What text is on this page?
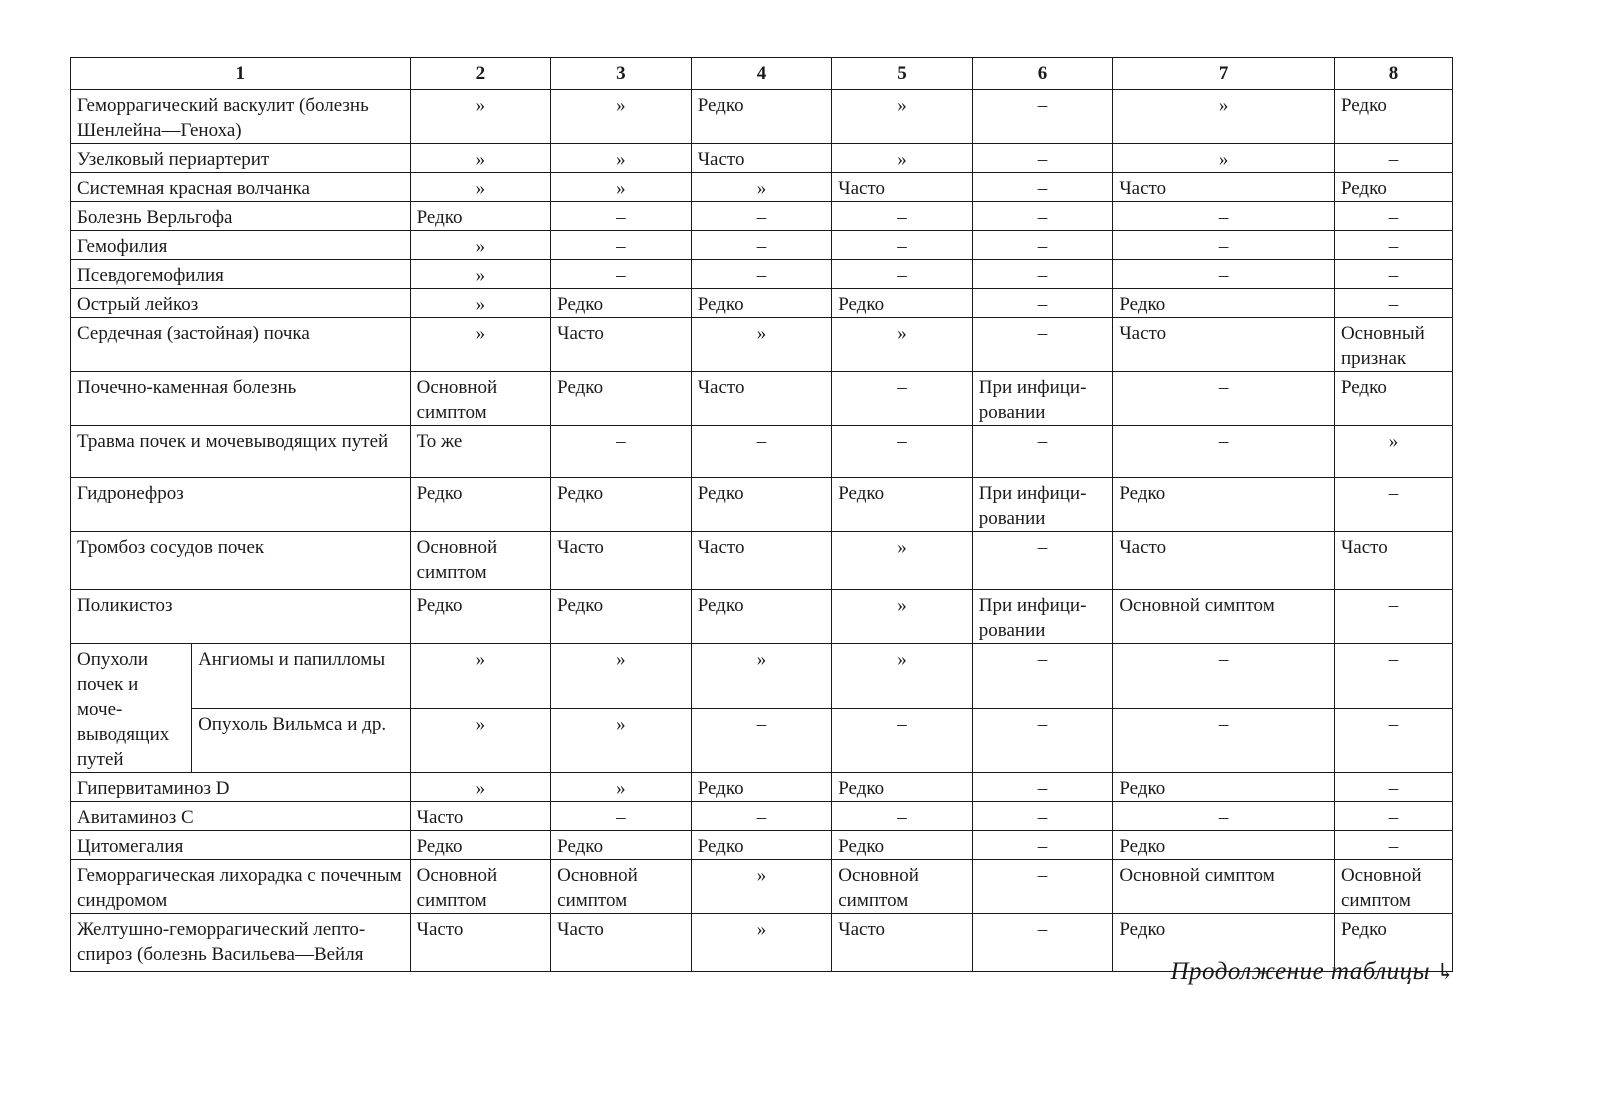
1		2	3	4	5	6	7	8
Геморрагический васкулит (болезнь Шенлейна—Геноха)		»	»	Редко	»	–	»	Редко
Узелковый периартерит		»	»	Часто	»	–	»	–
Системная красная волчанка		»	»	»	Часто	–	Часто	Редко
Болезнь Верльгофа		Редко	–	–	–	–	–	–
Гемофилия		»	–	–	–	–	–	–
Псевдогемофилия		»	–	–	–	–	–	–
Острый лейкоз		»	Редко	Редко	Редко	–	Редко	–
Сердечная (застойная) почка		»	Часто	»	»	–	Часто	Основный признак
Почечно-каменная болезнь		Основной симптом	Редко	Часто	–	При инфици-ровании	–	Редко
Травма почек и мочевыводящих путей		То же	–	–	–	–	–	»
Гидронефроз		Редко	Редко	Редко	Редко	При инфици-ровании	Редко	–
Тромбоз сосудов почек		Основной симптом	Часто	Часто	»	–	Часто	Часто
Поликистоз		Редко	Редко	Редко	»	При инфици-ровании	Основной симптом	–
Опухоли почек и моче-выводящих путей	Ангиомы и папилломы	»	»	»	»	–	–	–
	Опухоль Вильмса и др.	»	»	–	–	–	–	–
Гипервитаминоз D		»	»	Редко	Редко	–	Редко	–
Авитаминоз С		Часто	–	–	–	–	–	–
Цитомегалия		Редко	Редко	Редко	Редко	–	Редко	–
Геморрагическая лихорадка с почечным синдромом		Основной симптом	Основной симптом	»	Основной симптом	–	Основной симптом	Основной симптом
Желтушно-геморрагический лепто-спироз (болезнь Васильева—Вейля		Часто	Часто	»	Часто	–	Редко	Редко
Продолжение таблицы ↳
